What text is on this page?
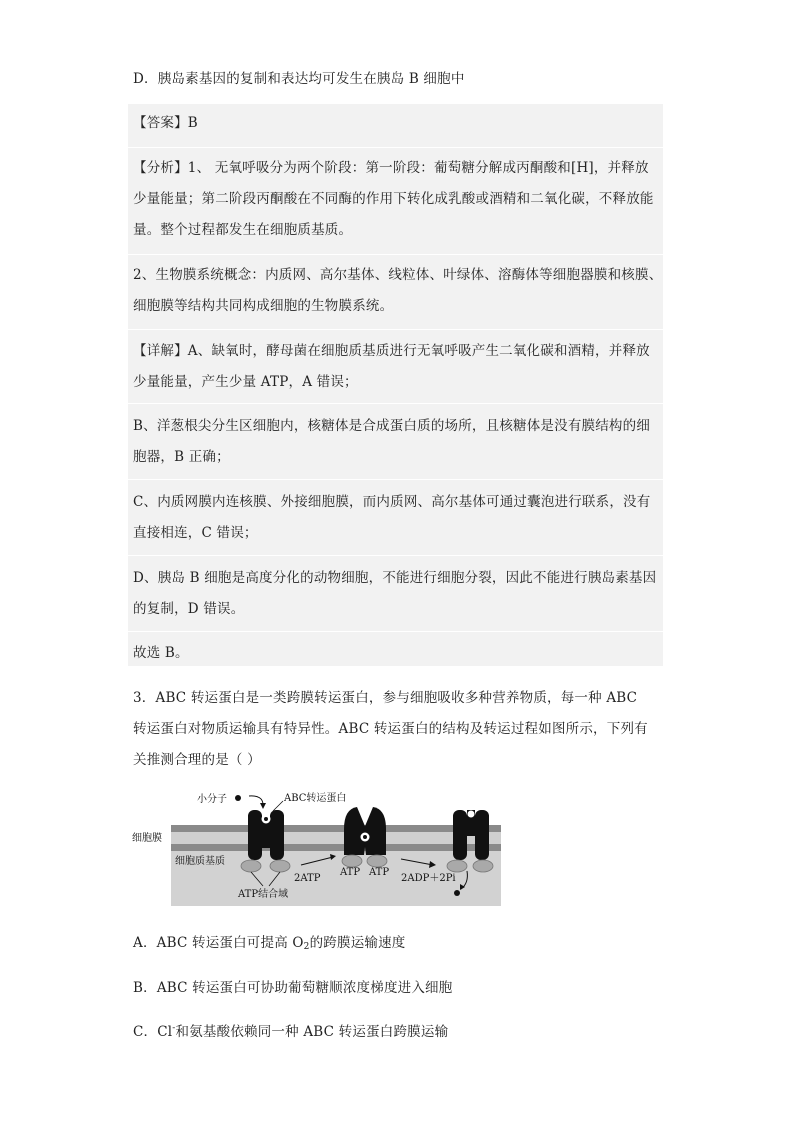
D．胰岛素基因的复制和表达均可发生在胰岛 B 细胞中
【答案】B
【分析】1、 无氧呼吸分为两个阶段：第一阶段：葡萄糖分解成丙酮酸和[H]，并释放
少量能量；第二阶段丙酮酸在不同酶的作用下转化成乳酸或酒精和二氧化碳，不释放能
量。整个过程都发生在细胞质基质。
2、生物膜系统概念：内质网、高尔基体、线粒体、叶绿体、溶酶体等细胞器膜和核膜、
细胞膜等结构共同构成细胞的生物膜系统。
【详解】A、缺氧时，酵母菌在细胞质基质进行无氧呼吸产生二氧化碳和酒精，并释放
少量能量，产生少量 ATP，A 错误；
B、洋葱根尖分生区细胞内，核糖体是合成蛋白质的场所，且核糖体是没有膜结构的细
胞器，B 正确；
C、内质网膜内连核膜、外接细胞膜，而内质网、高尔基体可通过囊泡进行联系，没有
直接相连，C 错误；
D、胰岛 B 细胞是高度分化的动物细胞，不能进行细胞分裂，因此不能进行胰岛素基因
的复制，D 错误。
故选 B。
3．ABC 转运蛋白是一类跨膜转运蛋白，参与细胞吸收多种营养物质，每一种 ABC
转运蛋白对物质运输具有特异性。ABC 转运蛋白的结构及转运过程如图所示，下列有
关推测合理的是（ ）
小分子	ABC转运蛋白
细胞膜
细胞质基质
ATP结合域
2ATP
ATP ATP
2ADP＋2Pi
A．ABC 转运蛋白可提高 $O_2$的跨膜运输速度
B．ABC 转运蛋白可协助葡萄糖顺浓度梯度进入细胞
C．Cl-和氨基酸依赖同一种 ABC 转运蛋白跨膜运输
